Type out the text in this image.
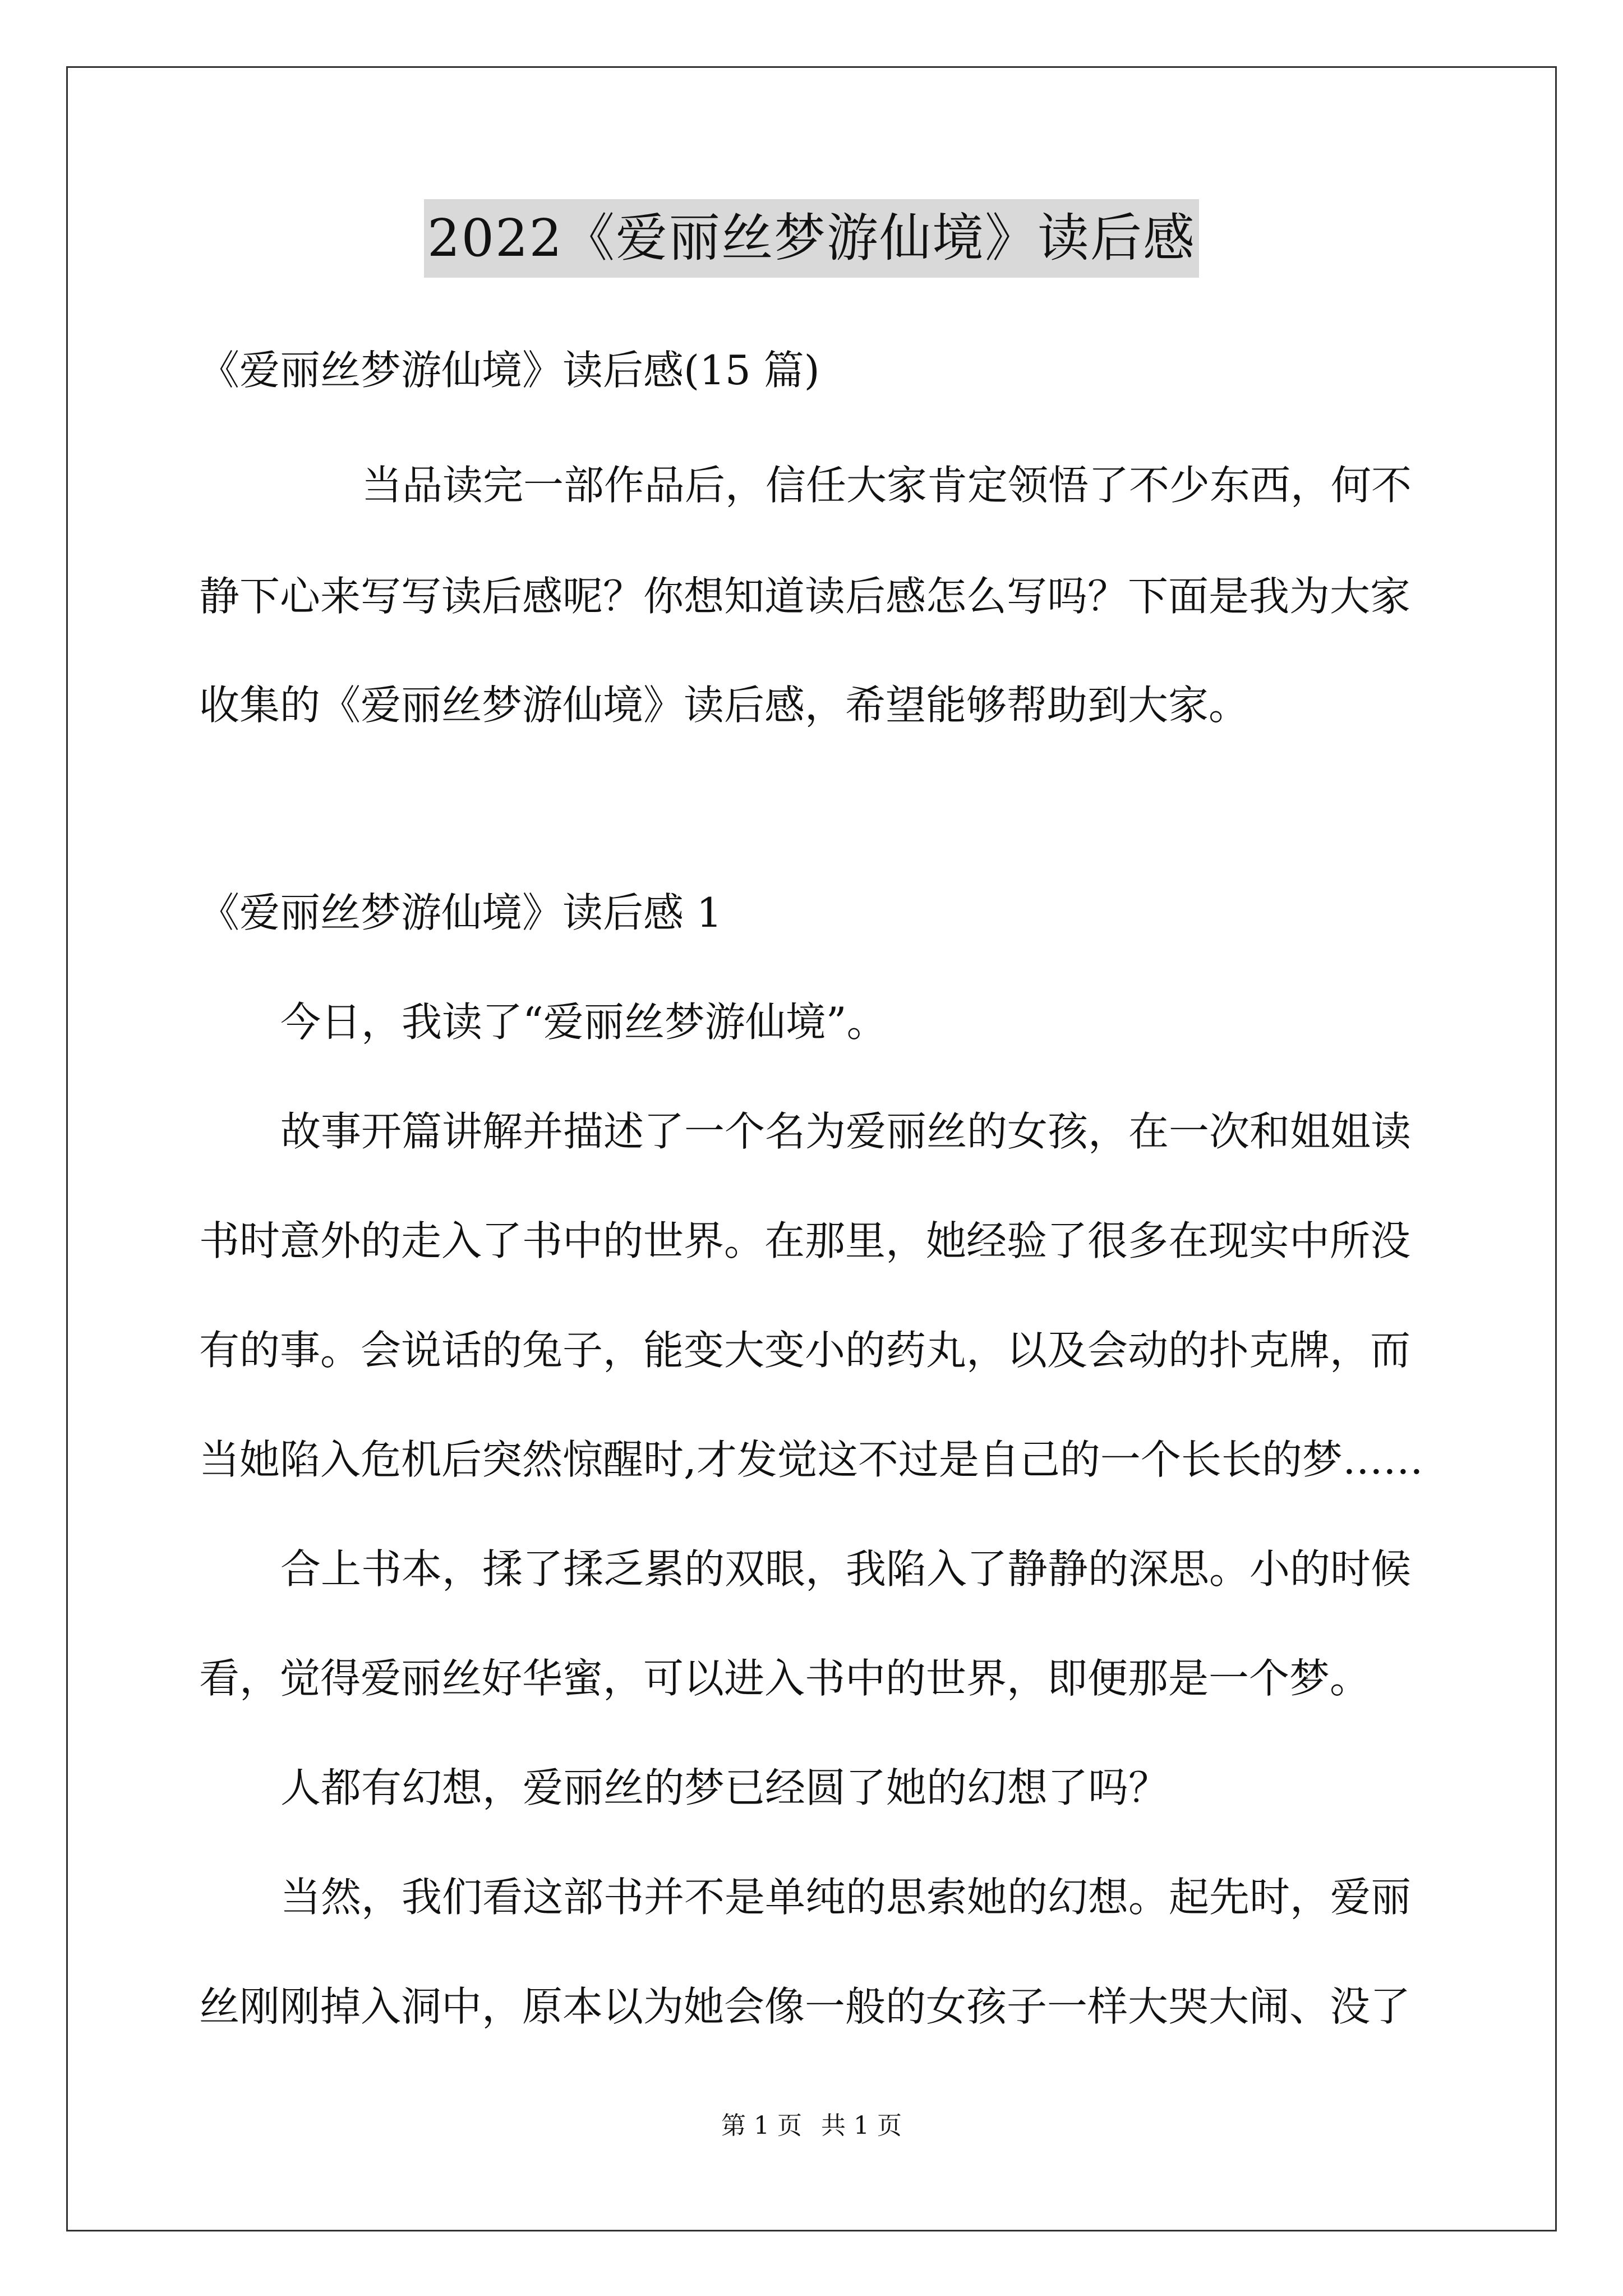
2022《爱丽丝梦游仙境》读后感
《爱丽丝梦游仙境》读后感(15 篇)
当品读完一部作品后，信任大家肯定领悟了不少东西，何不
静下心来写写读后感呢？你想知道读后感怎么写吗？下面是我为大家
收集的《爱丽丝梦游仙境》读后感，希望能够帮助到大家。
《爱丽丝梦游仙境》读后感 1
今日，我读了“爱丽丝梦游仙境”。
故事开篇讲解并描述了一个名为爱丽丝的女孩，在一次和姐姐读
书时意外的走入了书中的世界。在那里，她经验了很多在现实中所没
有的事。会说话的兔子，能变大变小的药丸，以及会动的扑克牌，而
当她陷入危机后突然惊醒时,才发觉这不过是自己的一个长长的梦……
合上书本，揉了揉乏累的双眼，我陷入了静静的深思。小的时候
看，觉得爱丽丝好华蜜，可以进入书中的世界，即便那是一个梦。
人都有幻想，爱丽丝的梦已经圆了她的幻想了吗？
当然，我们看这部书并不是单纯的思索她的幻想。起先时，爱丽
丝刚刚掉入洞中，原本以为她会像一般的女孩子一样大哭大闹、没了
第 1 页 共 1 页
